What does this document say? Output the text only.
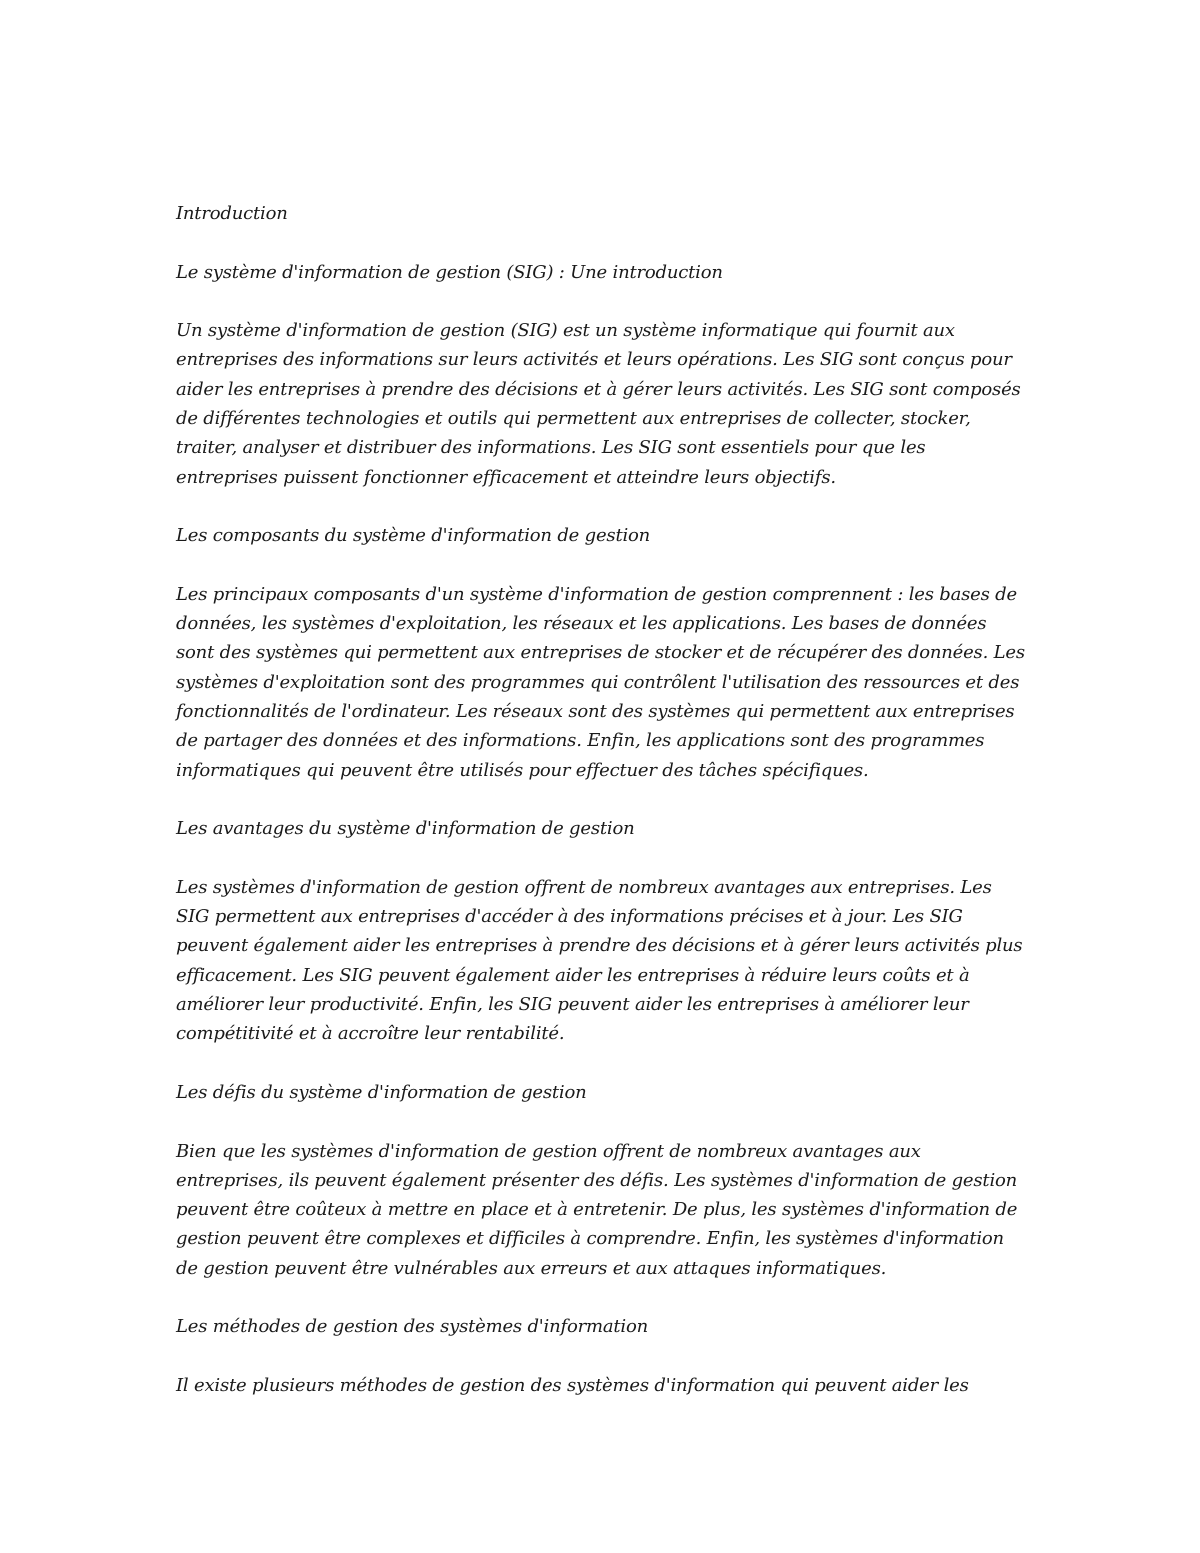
Introduction

Le système d'information de gestion (SIG) : Une introduction

Un système d'information de gestion (SIG) est un système informatique qui fournit aux entreprises des informations sur leurs activités et leurs opérations. Les SIG sont conçus pour aider les entreprises à prendre des décisions et à gérer leurs activités. Les SIG sont composés de différentes technologies et outils qui permettent aux entreprises de collecter, stocker, traiter, analyser et distribuer des informations. Les SIG sont essentiels pour que les entreprises puissent fonctionner efficacement et atteindre leurs objectifs.

Les composants du système d'information de gestion

Les principaux composants d'un système d'information de gestion comprennent : les bases de données, les systèmes d'exploitation, les réseaux et les applications. Les bases de données sont des systèmes qui permettent aux entreprises de stocker et de récupérer des données. Les systèmes d'exploitation sont des programmes qui contrôlent l'utilisation des ressources et des fonctionnalités de l'ordinateur. Les réseaux sont des systèmes qui permettent aux entreprises de partager des données et des informations. Enfin, les applications sont des programmes informatiques qui peuvent être utilisés pour effectuer des tâches spécifiques.

Les avantages du système d'information de gestion

Les systèmes d'information de gestion offrent de nombreux avantages aux entreprises. Les SIG permettent aux entreprises d'accéder à des informations précises et à jour. Les SIG peuvent également aider les entreprises à prendre des décisions et à gérer leurs activités plus efficacement. Les SIG peuvent également aider les entreprises à réduire leurs coûts et à améliorer leur productivité. Enfin, les SIG peuvent aider les entreprises à améliorer leur compétitivité et à accroître leur rentabilité.

Les défis du système d'information de gestion

Bien que les systèmes d'information de gestion offrent de nombreux avantages aux entreprises, ils peuvent également présenter des défis. Les systèmes d'information de gestion peuvent être coûteux à mettre en place et à entretenir. De plus, les systèmes d'information de gestion peuvent être complexes et difficiles à comprendre. Enfin, les systèmes d'information de gestion peuvent être vulnérables aux erreurs et aux attaques informatiques.

Les méthodes de gestion des systèmes d'information

Il existe plusieurs méthodes de gestion des systèmes d'information qui peuvent aider les
